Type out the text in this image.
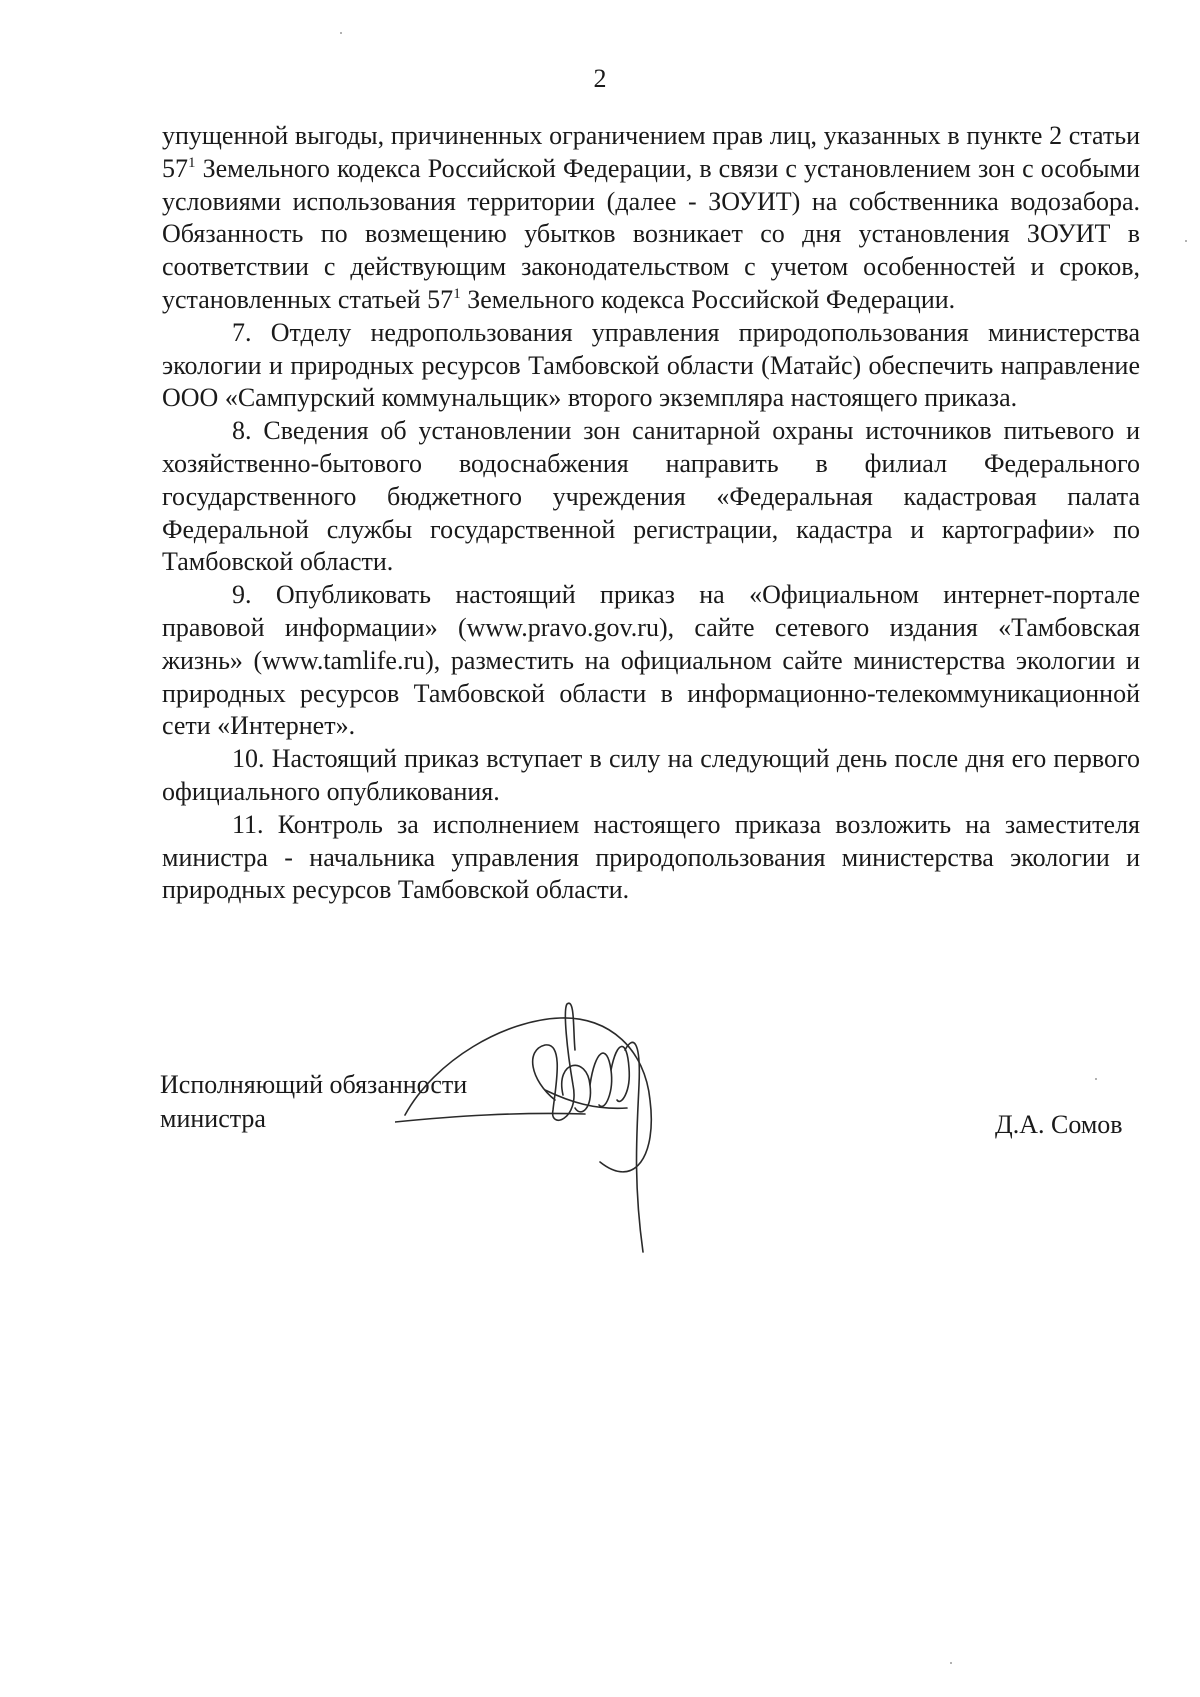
2

упущенной выгоды, причиненных ограничением прав лиц, указанных в пункте 2 статьи $57^1$ Земельного кодекса Российской Федерации, в связи с установлением зон с особыми условиями использования территории (далее - ЗОУИТ) на собственника водозабора. Обязанность по возмещению убытков возникает со дня установления ЗОУИТ в соответствии с действующим законодательством с учетом особенностей и сроков, установленных статьей $57^1$ Земельного кодекса Российской Федерации.

7. Отделу недропользования управления природопользования министерства экологии и природных ресурсов Тамбовской области (Матайс) обеспечить направление ООО «Сампурский коммунальщик» второго экземпляра настоящего приказа.

8. Сведения об установлении зон санитарной охраны источников питьевого и хозяйственно-бытового водоснабжения направить в филиал Федерального государственного бюджетного учреждения «Федеральная кадастровая палата Федеральной службы государственной регистрации, кадастра и картографии» по Тамбовской области.

9. Опубликовать настоящий приказ на «Официальном интернет-портале правовой информации» (www.pravo.gov.ru), сайте сетевого издания «Тамбовская жизнь» (www.tamlife.ru), разместить на официальном сайте министерства экологии и природных ресурсов Тамбовской области в информационно-телекоммуникационной сети «Интернет».

10. Настоящий приказ вступает в силу на следующий день после дня его первого официального опубликования.

11. Контроль за исполнением настоящего приказа возложить на заместителя министра - начальника управления природопользования министерства экологии и природных ресурсов Тамбовской области.

Исполняющий обязанности
министра	Д.А. Сомов
